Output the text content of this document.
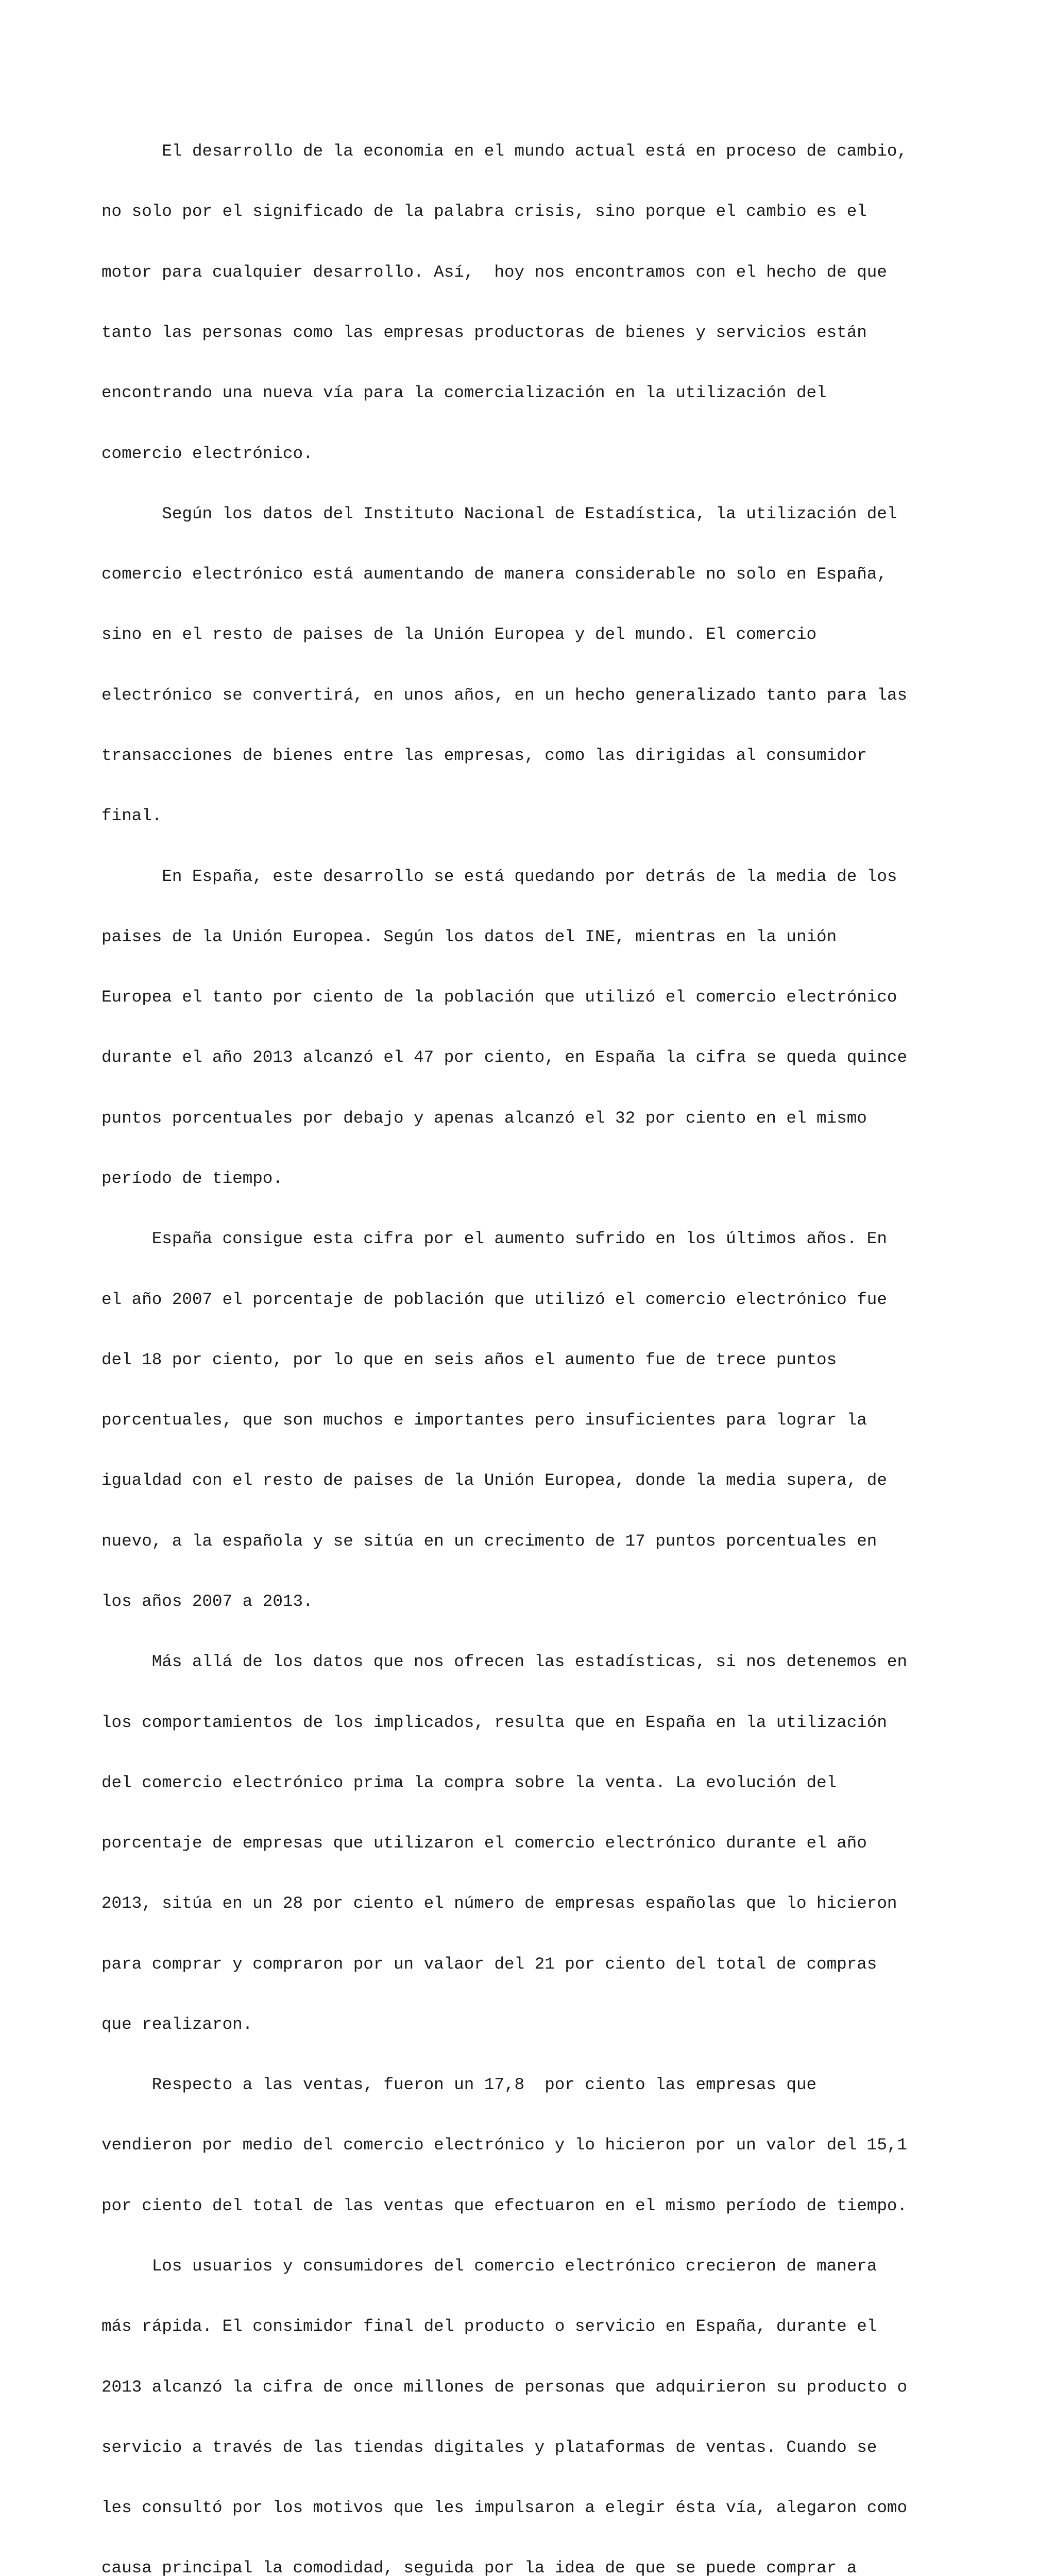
El desarrollo de la economia en el mundo actual está en proceso de cambio,

no solo por el significado de la palabra crisis, sino porque el cambio es el

motor para cualquier desarrollo. Así,  hoy nos encontramos con el hecho de que

tanto las personas como las empresas productoras de bienes y servicios están

encontrando una nueva vía para la comercialización en la utilización del

comercio electrónico.

Según los datos del Instituto Nacional de Estadística, la utilización del

comercio electrónico está aumentando de manera considerable no solo en España,

sino en el resto de paises de la Unión Europea y del mundo. El comercio

electrónico se convertirá, en unos años, en un hecho generalizado tanto para las

transacciones de bienes entre las empresas, como las dirigidas al consumidor

final.

En España, este desarrollo se está quedando por detrás de la media de los

paises de la Unión Europea. Según los datos del INE, mientras en la unión

Europea el tanto por ciento de la población que utilizó el comercio electrónico

durante el año 2013 alcanzó el 47 por ciento, en España la cifra se queda quince

puntos porcentuales por debajo y apenas alcanzó el 32 por ciento en el mismo

período de tiempo.

España consigue esta cifra por el aumento sufrido en los últimos años. En

el año 2007 el porcentaje de población que utilizó el comercio electrónico fue

del 18 por ciento, por lo que en seis años el aumento fue de trece puntos

porcentuales, que son muchos e importantes pero insuficientes para lograr la

igualdad con el resto de paises de la Unión Europea, donde la media supera, de

nuevo, a la española y se sitúa en un crecimento de 17 puntos porcentuales en

los años 2007 a 2013.

Más allá de los datos que nos ofrecen las estadísticas, si nos detenemos en

los comportamientos de los implicados, resulta que en España en la utilización

del comercio electrónico prima la compra sobre la venta. La evolución del

porcentaje de empresas que utilizaron el comercio electrónico durante el año

2013, sitúa en un 28 por ciento el número de empresas españolas que lo hicieron

para comprar y compraron por un valaor del 21 por ciento del total de compras

que realizaron.

Respecto a las ventas, fueron un 17,8  por ciento las empresas que

vendieron por medio del comercio electrónico y lo hicieron por un valor del 15,1

por ciento del total de las ventas que efectuaron en el mismo período de tiempo.

Los usuarios y consumidores del comercio electrónico crecieron de manera

más rápida. El consimidor final del producto o servicio en España, durante el

2013 alcanzó la cifra de once millones de personas que adquirieron su producto o

servicio a través de las tiendas digitales y plataformas de ventas. Cuando se

les consultó por los motivos que les impulsaron a elegir ésta vía, alegaron como

causa principal la comodidad, seguida por la idea de que se puede comprar a
